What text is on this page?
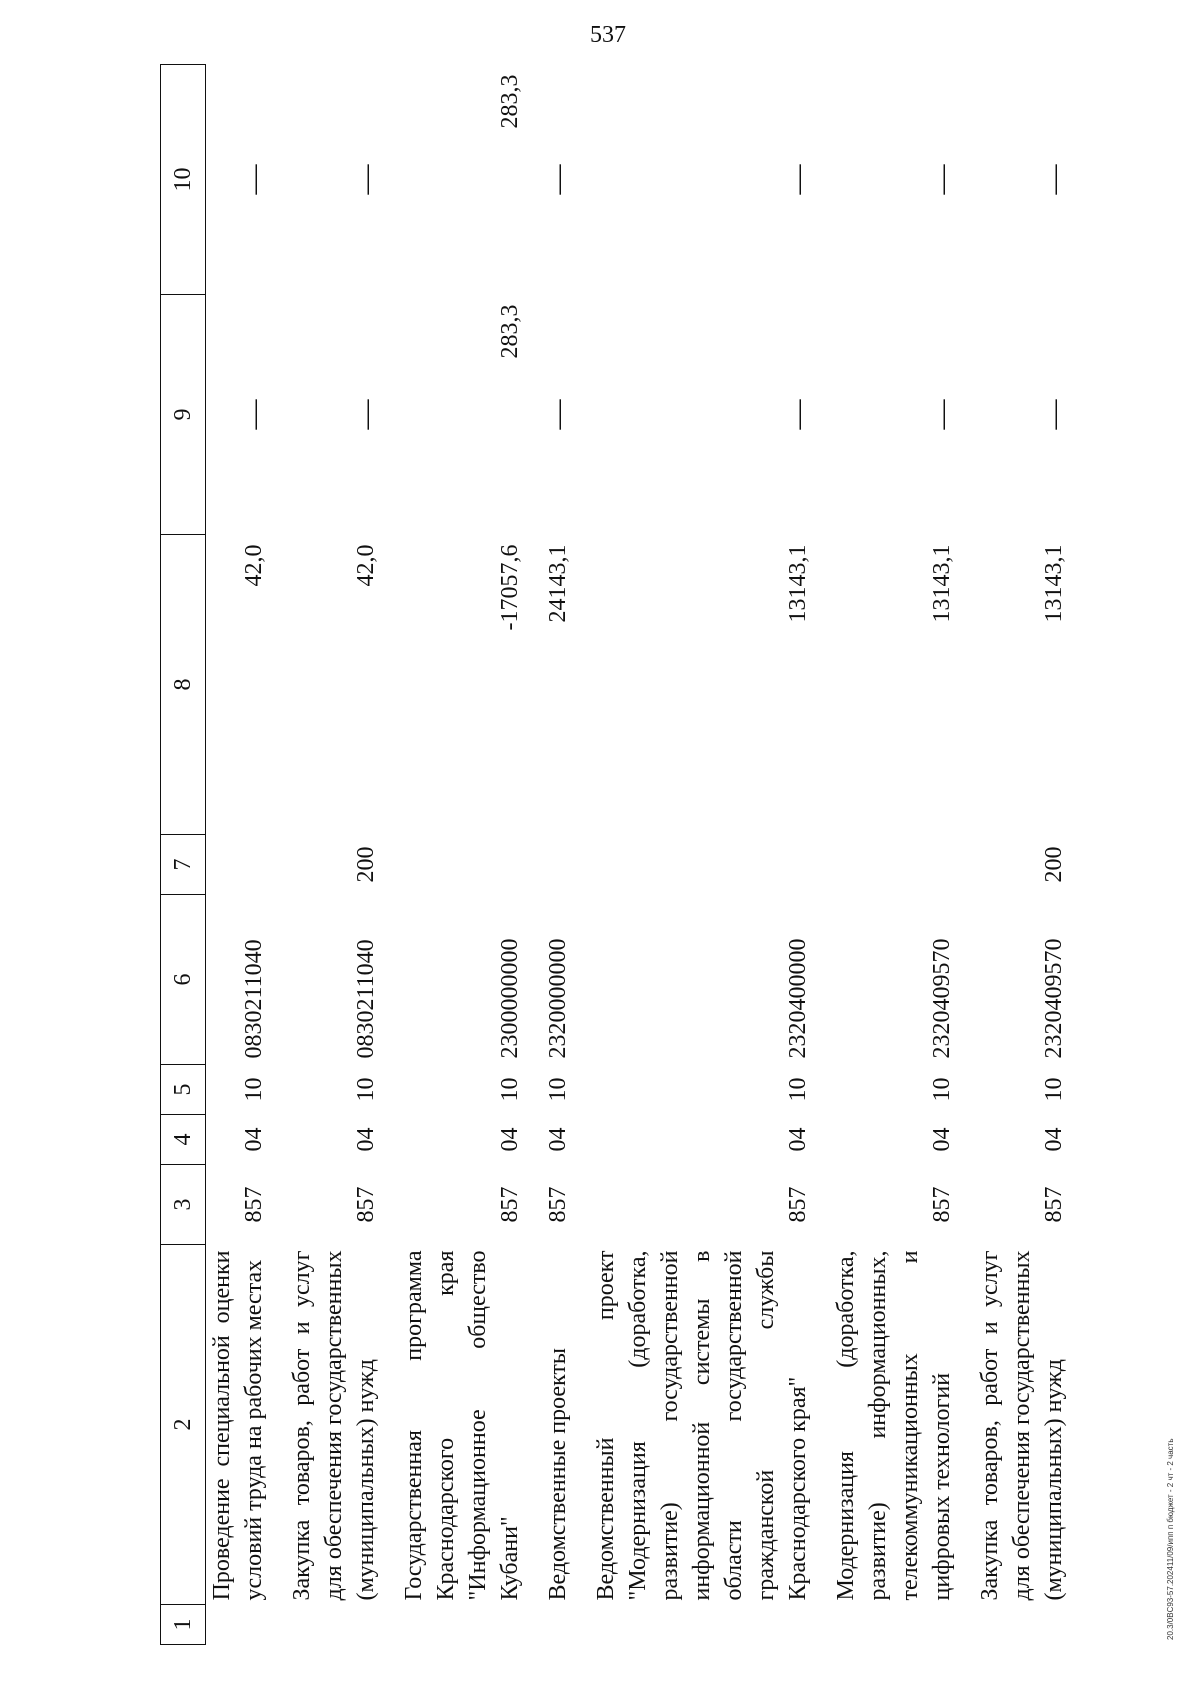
537
1	2	3	4	5	6	7	8	9	10
	Проведение специальной оценки условий труда на рабочих местах	857	04	10	0830211040		42,0	—	—
	Закупка товаров, работ и услуг для обеспечения государственных (муниципальных) нужд	857	04	10	0830211040	200	42,0	—	—
	Государственная программа Краснодарского края "Информационное общество Кубани"	857	04	10	2300000000		-17057,6	283,3	283,3
	Ведомственные проекты	857	04	10	2320000000		24143,1	—	—
	Ведомственный проект "Модернизация (доработка, развитие) государственной информационной системы в области государственной гражданской службы Краснодарского края"	857	04	10	2320400000		13143,1	—	—
	Модернизация (доработка, развитие) информационных, телекоммуникационных и цифровых технологий	857	04	10	2320409570		13143,1	—	—
	Закупка товаров, работ и услуг для обеспечения государственных (муниципальных) нужд	857	04	10	2320409570	200	13143,1	—	—
20.3/0BC93-57.202411/09/ипп п бюджет - 2 чт - 2 часть
